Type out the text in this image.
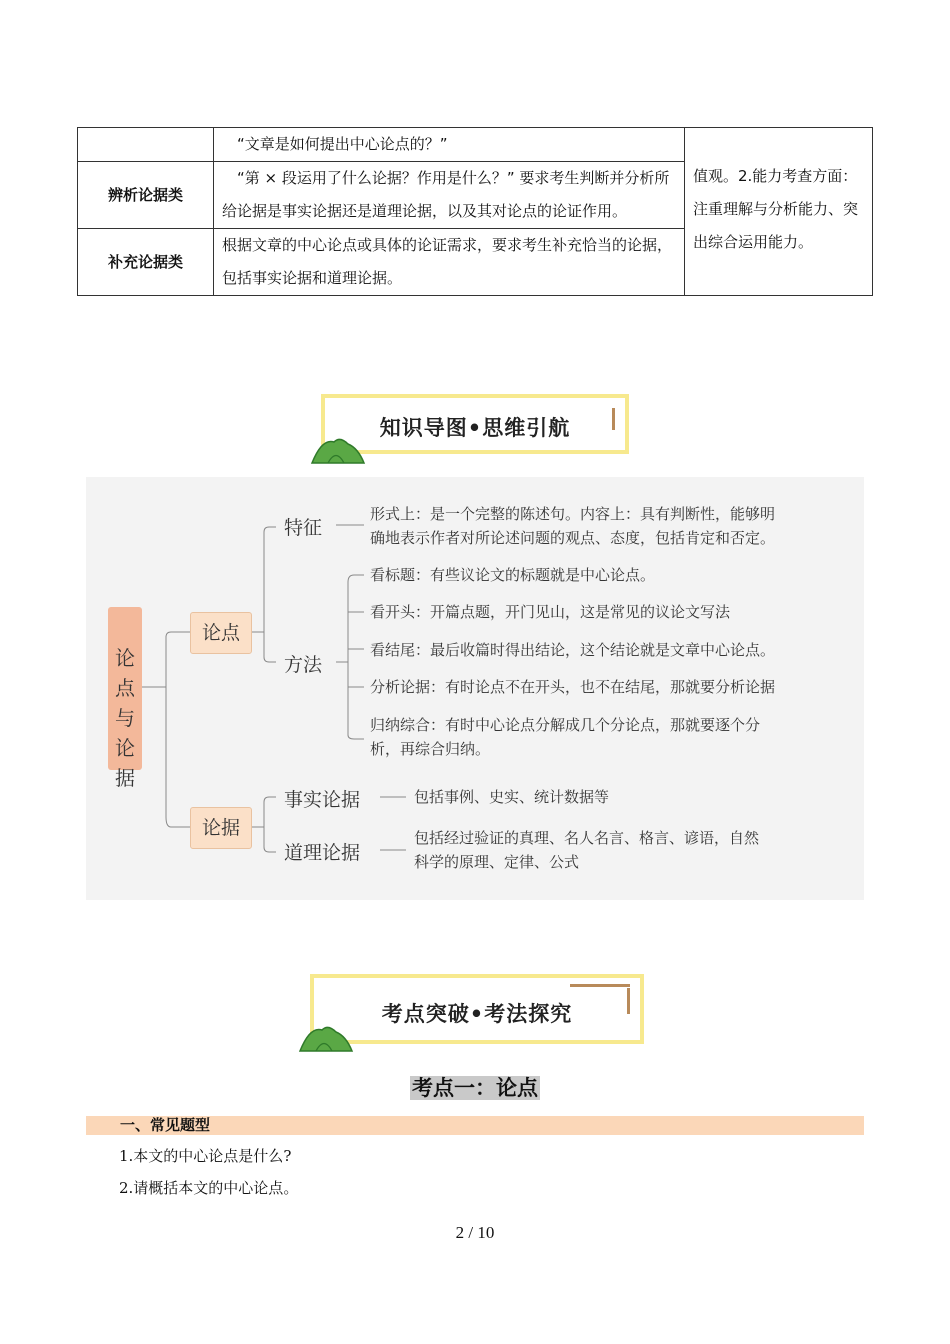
	“文章是如何提出中心论点的？”	值观。2.能力考查方面：注重理解与分析能力、突出综合运用能力。

辨析论据类	“第 × 段运用了什么论据？作用是什么？” 要求考生判断并分析所给论据是事实论据还是道理论据，以及其对论点的论证作用。	
补充论据类	根据文章的中心论点或具体的论证需求，要求考生补充恰当的论据，包括事实论据和道理论据。	
知识导图•思维引航

论点与论据

论点
论据
特征
形式上：是一个完整的陈述句。内容上：具有判断性，能够明
确地表示作者对所论述问题的观点、态度，包括肯定和否定。
方法
看标题：有些议论文的标题就是中心论点。
看开头：开篇点题，开门见山，这是常见的议论文写法
看结尾：最后收篇时得出结论，这个结论就是文章中心论点。
分析论据：有时论点不在开头，也不在结尾，那就要分析论据
归纳综合：有时中心论点分解成几个分论点，那就要逐个分
析，再综合归纳。
事实论据	包括事例、史实、统计数据等
道理论据
包括经过验证的真理、名人名言、格言、谚语，自然
科学的原理、定律、公式
考点突破•考法探究
考点一：论点
一、常见题型
1.本文的中心论点是什么?
2.请概括本文的中心论点。
2 / 10
